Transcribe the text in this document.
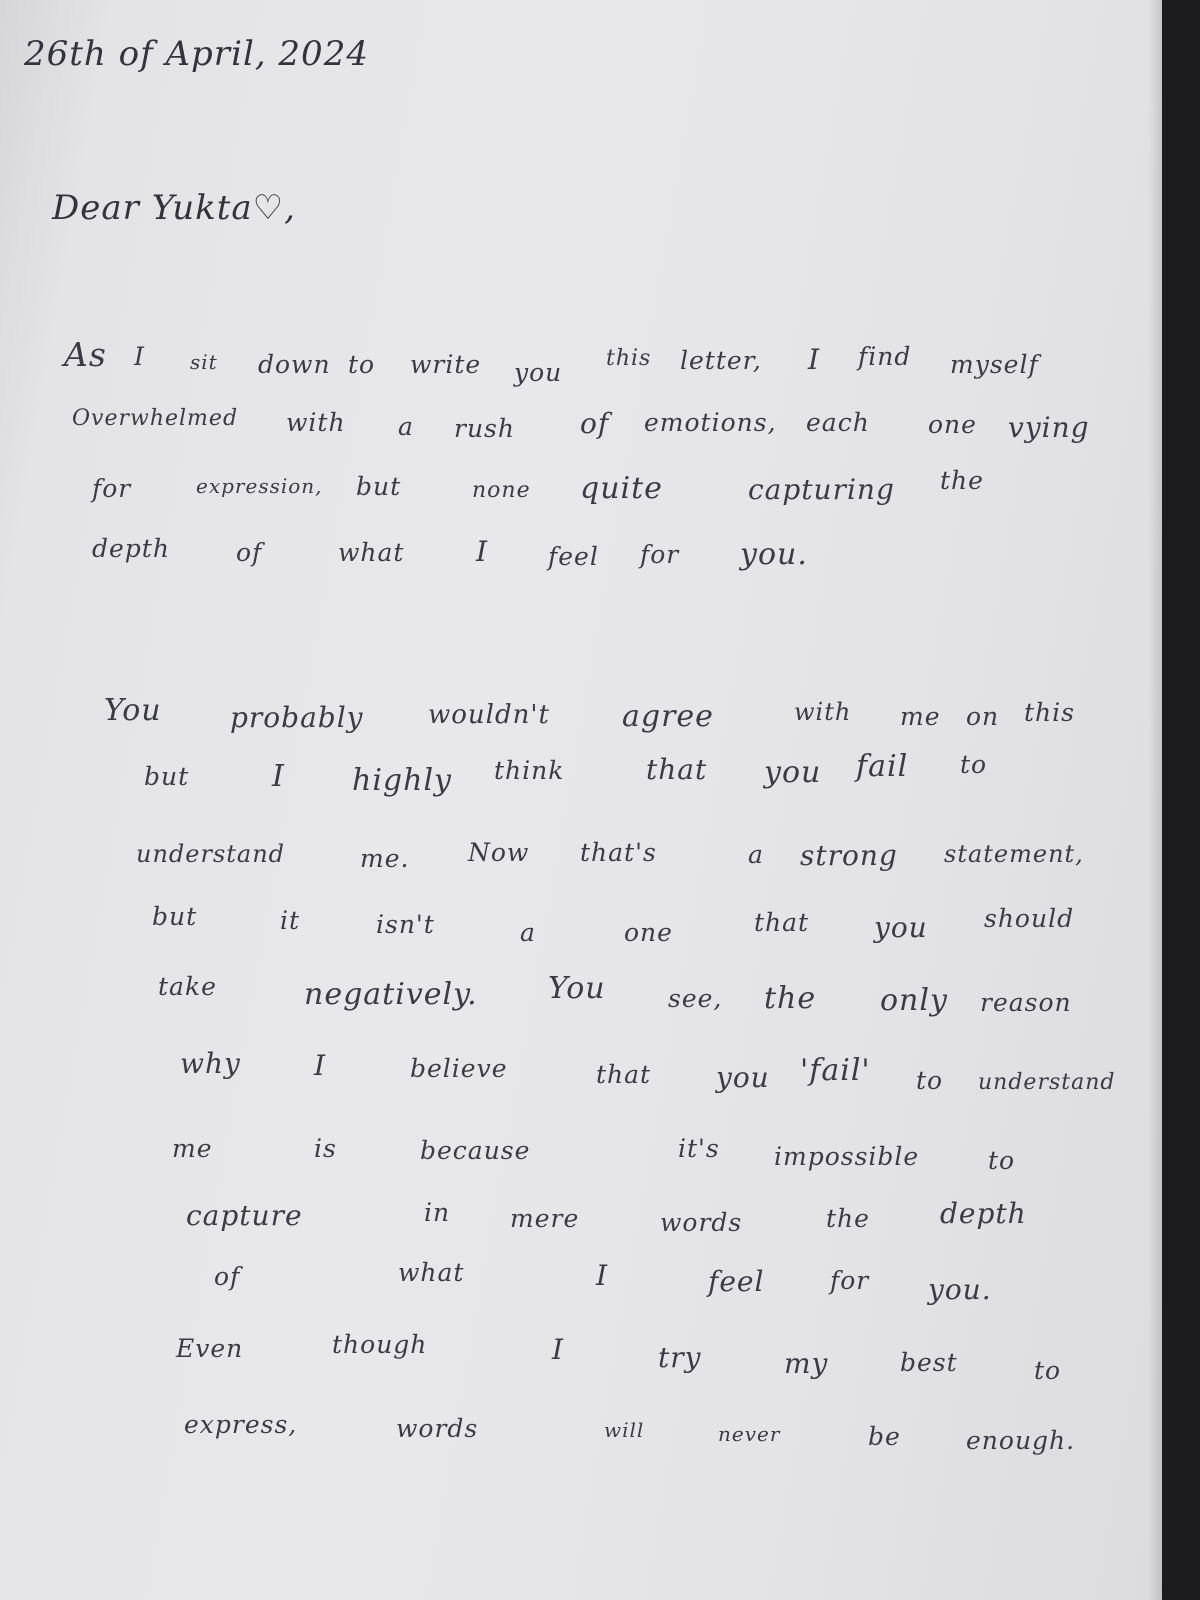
26th of April, 2024
Dear Yukta♡,
As I sit down to write you this letter, I find myself
Overwhelmed with a rush of emotions, each one vying
for	expression, but	none quite	capturing the
depth	of	what	I feel for you.
You probably wouldn't agree	with me on this
but	I highly think	that you fail to
understand	me. Now that's	a strong statement,
but	it	isn't	a	one	that you should
take	negatively. You see, the only reason
why	I	believe	that you 'fail' to understand
me	is	because	it's impossible	to
capture	in mere	words	the	depth
of	what	I	feel	for you.
Even	though	I	try	my	best	to
express,	words	will	never	be	enough.
